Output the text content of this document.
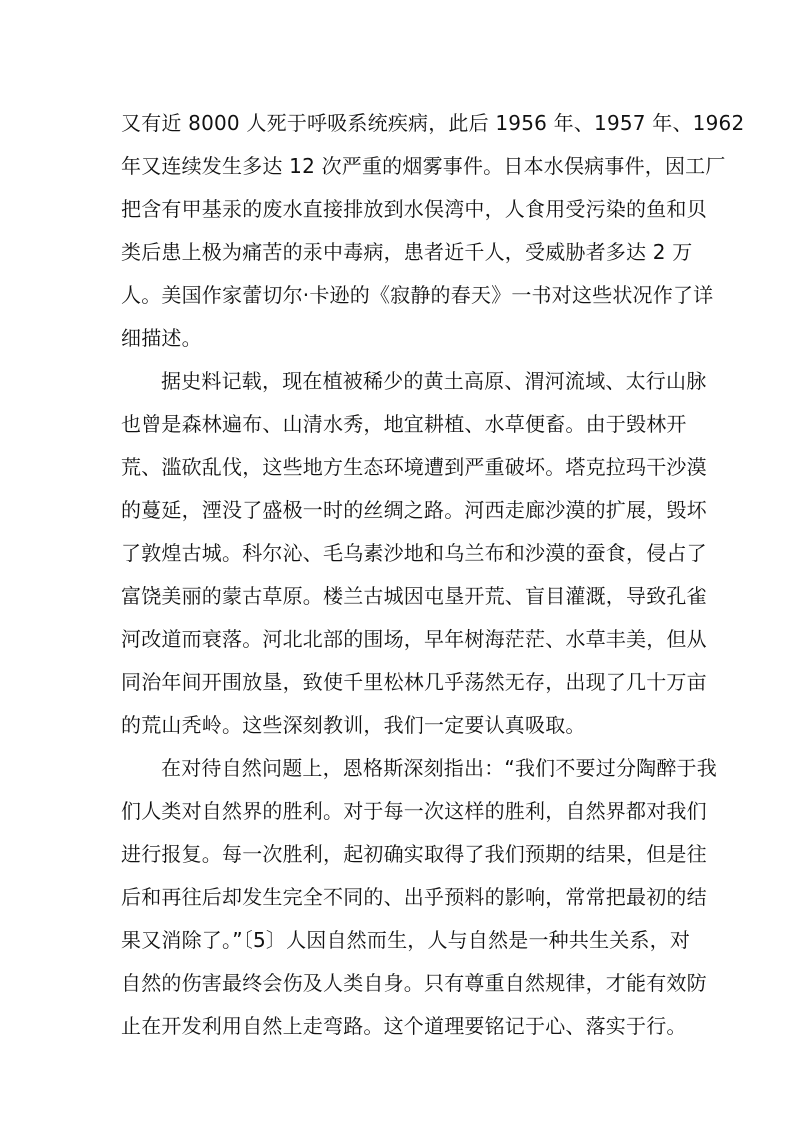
又有近 8000 人死于呼吸系统疾病，此后 1956 年、1957 年、1962
年又连续发生多达 12 次严重的烟雾事件。日本水俣病事件，因工厂
把含有甲基汞的废水直接排放到水俣湾中，人食用受污染的鱼和贝
类后患上极为痛苦的汞中毒病，患者近千人，受威胁者多达 2 万
人。美国作家蕾切尔·卡逊的《寂静的春天》一书对这些状况作了详
细描述。
据史料记载，现在植被稀少的黄土高原、渭河流域、太行山脉
也曾是森林遍布、山清水秀，地宜耕植、水草便畜。由于毁林开
荒、滥砍乱伐，这些地方生态环境遭到严重破坏。塔克拉玛干沙漠
的蔓延，湮没了盛极一时的丝绸之路。河西走廊沙漠的扩展，毁坏
了敦煌古城。科尔沁、毛乌素沙地和乌兰布和沙漠的蚕食，侵占了
富饶美丽的蒙古草原。楼兰古城因屯垦开荒、盲目灌溉，导致孔雀
河改道而衰落。河北北部的围场，早年树海茫茫、水草丰美，但从
同治年间开围放垦，致使千里松林几乎荡然无存，出现了几十万亩
的荒山秃岭。这些深刻教训，我们一定要认真吸取。
在对待自然问题上，恩格斯深刻指出：“我们不要过分陶醉于我
们人类对自然界的胜利。对于每一次这样的胜利，自然界都对我们
进行报复。每一次胜利，起初确实取得了我们预期的结果，但是往
后和再往后却发生完全不同的、出乎预料的影响，常常把最初的结
果又消除了。”〔5〕人因自然而生，人与自然是一种共生关系，对
自然的伤害最终会伤及人类自身。只有尊重自然规律，才能有效防
止在开发利用自然上走弯路。这个道理要铭记于心、落实于行。
